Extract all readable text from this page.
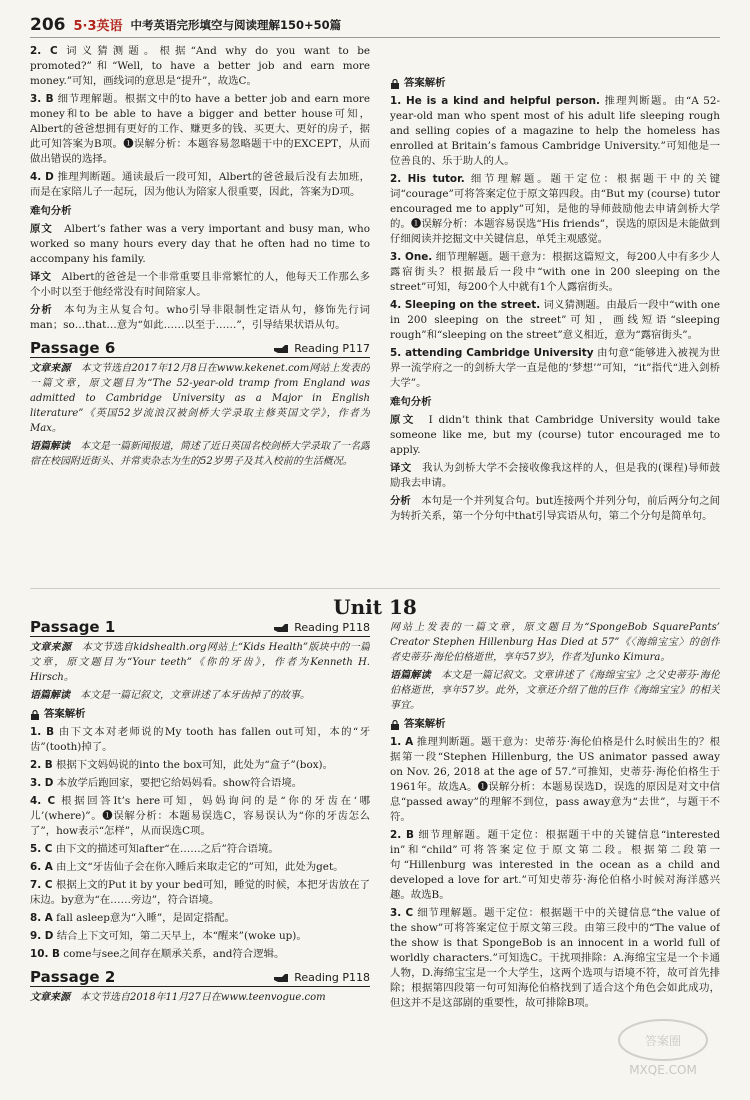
206 5·3英语 中考英语完形填空与阅读理解150+50篇

2. C 词义猜测题。根据“And why do you want to be promoted?”和“Well, to have a better job and earn more money.”可知，画线词的意思是“提升”，故选C。

3. B 细节理解题。根据文中的to have a better job and earn more money和to be able to have a bigger and better house可知，Albert的爸爸想拥有更好的工作、赚更多的钱、买更大、更好的房子，据此可知答案为B项。❶误解分析：本题容易忽略题干中的EXCEPT，从而做出错误的选择。

4. D 推理判断题。通读最后一段可知，Albert的爸爸最后没有去加班，而是在家陪儿子一起玩，因为他认为陪家人很重要，因此，答案为D项。

难句分析

原文　 Albert’s father was a very important and busy man, who worked so many hours every day that he often had no time to accompany his family.

译文　 Albert的爸爸是一个非常重要且非常繁忙的人，他每天工作那么多个小时以至于他经常没有时间陪家人。

分析　 本句为主从复合句。who引导非限制性定语从句，修饰先行词man；so…that…意为“如此……以至于……”，引导结果状语从句。

Passage 6	Reading P117

文章来源　 本文节选自2017年12月8日在www.kekenet.com网站上发表的一篇文章，原文题目为“The 52-year-old tramp from England was admitted to Cambridge University as a Major in English literature”《英国52岁流浪汉被剑桥大学录取主修英国文学》，作者为Max。

语篇解读　 本文是一篇新闻报道，简述了近日英国名校剑桥大学录取了一名露宿在校园附近街头、并常卖杂志为生的52岁男子及其入校前的生活概况。

答案解析

1. He is a kind and helpful person. 推理判断题。由“A 52-year-old man who spent most of his adult life sleeping rough and selling copies of a magazine to help the homeless has enrolled at Britain’s famous Cambridge University.”可知他是一位善良的、乐于助人的人。

2. His tutor. 细节理解题。题干定位：根据题干中的关键词“courage”可将答案定位于原文第四段。由“But my (course) tutor encouraged me to apply”可知，是他的导师鼓励他去申请剑桥大学的。❶误解分析：本题容易误选“His friends”，误选的原因是未能做到仔细阅读并挖掘文中关键信息，单凭主观感觉。

3. One. 细节理解题。题干意为：根据这篇短文，每200人中有多少人露宿街头？根据最后一段中“with one in 200 sleeping on the street”可知，每200个人中就有1个人露宿街头。

4. Sleeping on the street. 词义猜测题。由最后一段中“with one in 200 sleeping on the street”可知，画线短语“sleeping rough”和“sleeping on the street”意义相近，意为“露宿街头”。

5. attending Cambridge University 由句意“能够进入被视为世界一流学府之一的剑桥大学一直是他的‘梦想’”可知，“it”指代“进入剑桥大学”。

难句分析

原文　 I didn’t think that Cambridge University would take someone like me, but my (course) tutor encouraged me to apply.

译文　 我认为剑桥大学不会接收像我这样的人，但是我的(课程)导师鼓励我去申请。

分析　 本句是一个并列复合句。but连接两个并列分句，前后两分句之间为转折关系，第一个分句中that引导宾语从句，第二个分句是简单句。

Unit 18
Passage 1	Reading P118

文章来源　 本文节选自kidshealth.org网站上“Kids Health”版块中的一篇文章，原文题目为“Your teeth”《你的牙齿》，作者为Kenneth H. Hirsch。

语篇解读　 本文是一篇记叙文，文章讲述了本牙齿掉了的故事。

答案解析

1. B 由下文本对老师说的My tooth has fallen out可知，本的“牙齿”(tooth)掉了。

2. B 根据下文妈妈说的into the box可知，此处为“盒子”(box)。

3. D 本放学后跑回家，要把它给妈妈看。show符合语境。

4. C 根据回答It’s here可知，妈妈询问的是“你的牙齿在‘哪儿’(where)”。❶误解分析：本题易误选C，容易误认为“你的牙齿怎么了”，how表示“怎样”，从而误选C项。

5. C 由下文的描述可知after“在……之后”符合语境。

6. A 由上文“牙齿仙子会在你入睡后来取走它的”可知，此处为get。

7. C 根据上文的Put it by your bed可知，睡觉的时候，本把牙齿放在了床边。by意为“在……旁边”，符合语境。

8. A fall asleep意为“入睡”，是固定搭配。

9. D 结合上下文可知，第二天早上，本“醒来”(woke up)。

10. B come与see之间存在顺承关系，and符合逻辑。

Passage 2	Reading P118

文章来源　 本文节选自2018年11月27日在www.teenvogue.com

网站上发表的一篇文章，原文题目为“SpongeBob SquarePants’ Creator Stephen Hillenburg Has Died at 57”《〈海绵宝宝〉的创作者史蒂芬·海伦伯格逝世，享年57岁》，作者为Junko Kimura。

语篇解读　 本文是一篇记叙文。文章讲述了《海绵宝宝》之父史蒂芬·海伦伯格逝世，享年57岁。此外，文章还介绍了他的巨作《海绵宝宝》的相关事宜。

答案解析

1. A 推理判断题。题干意为：史蒂芬·海伦伯格是什么时候出生的？根据第一段“Stephen Hillenburg, the US animator passed away on Nov. 26, 2018 at the age of 57.”可推知，史蒂芬·海伦伯格生于1961年。故选A。❶误解分析：本题易误选D，误选的原因是对文中信息“passed away”的理解不到位，pass away意为“去世”，与题干不符。

2. B 细节理解题。题干定位：根据题干中的关键信息“interested in”和“child”可将答案定位于原文第二段。根据第二段第一句“Hillenburg was interested in the ocean as a child and developed a love for art.”可知史蒂芬·海伦伯格小时候对海洋感兴趣。故选B。

3. C 细节理解题。题干定位：根据题干中的关键信息“the value of the show”可将答案定位于原文第三段。由第三段中的“The value of the show is that SpongeBob is an innocent in a world full of worldly characters.”可知选C。干扰项排除：A.海绵宝宝是一个卡通人物，D.海绵宝宝是一个大学生，这两个选项与语境不符，故可首先排除；根据第四段第一句可知海伦伯格找到了适合这个角色会如此成功，但这并不是这部剧的重要性，故可排除B项。

答案圈
MXQE.COM
